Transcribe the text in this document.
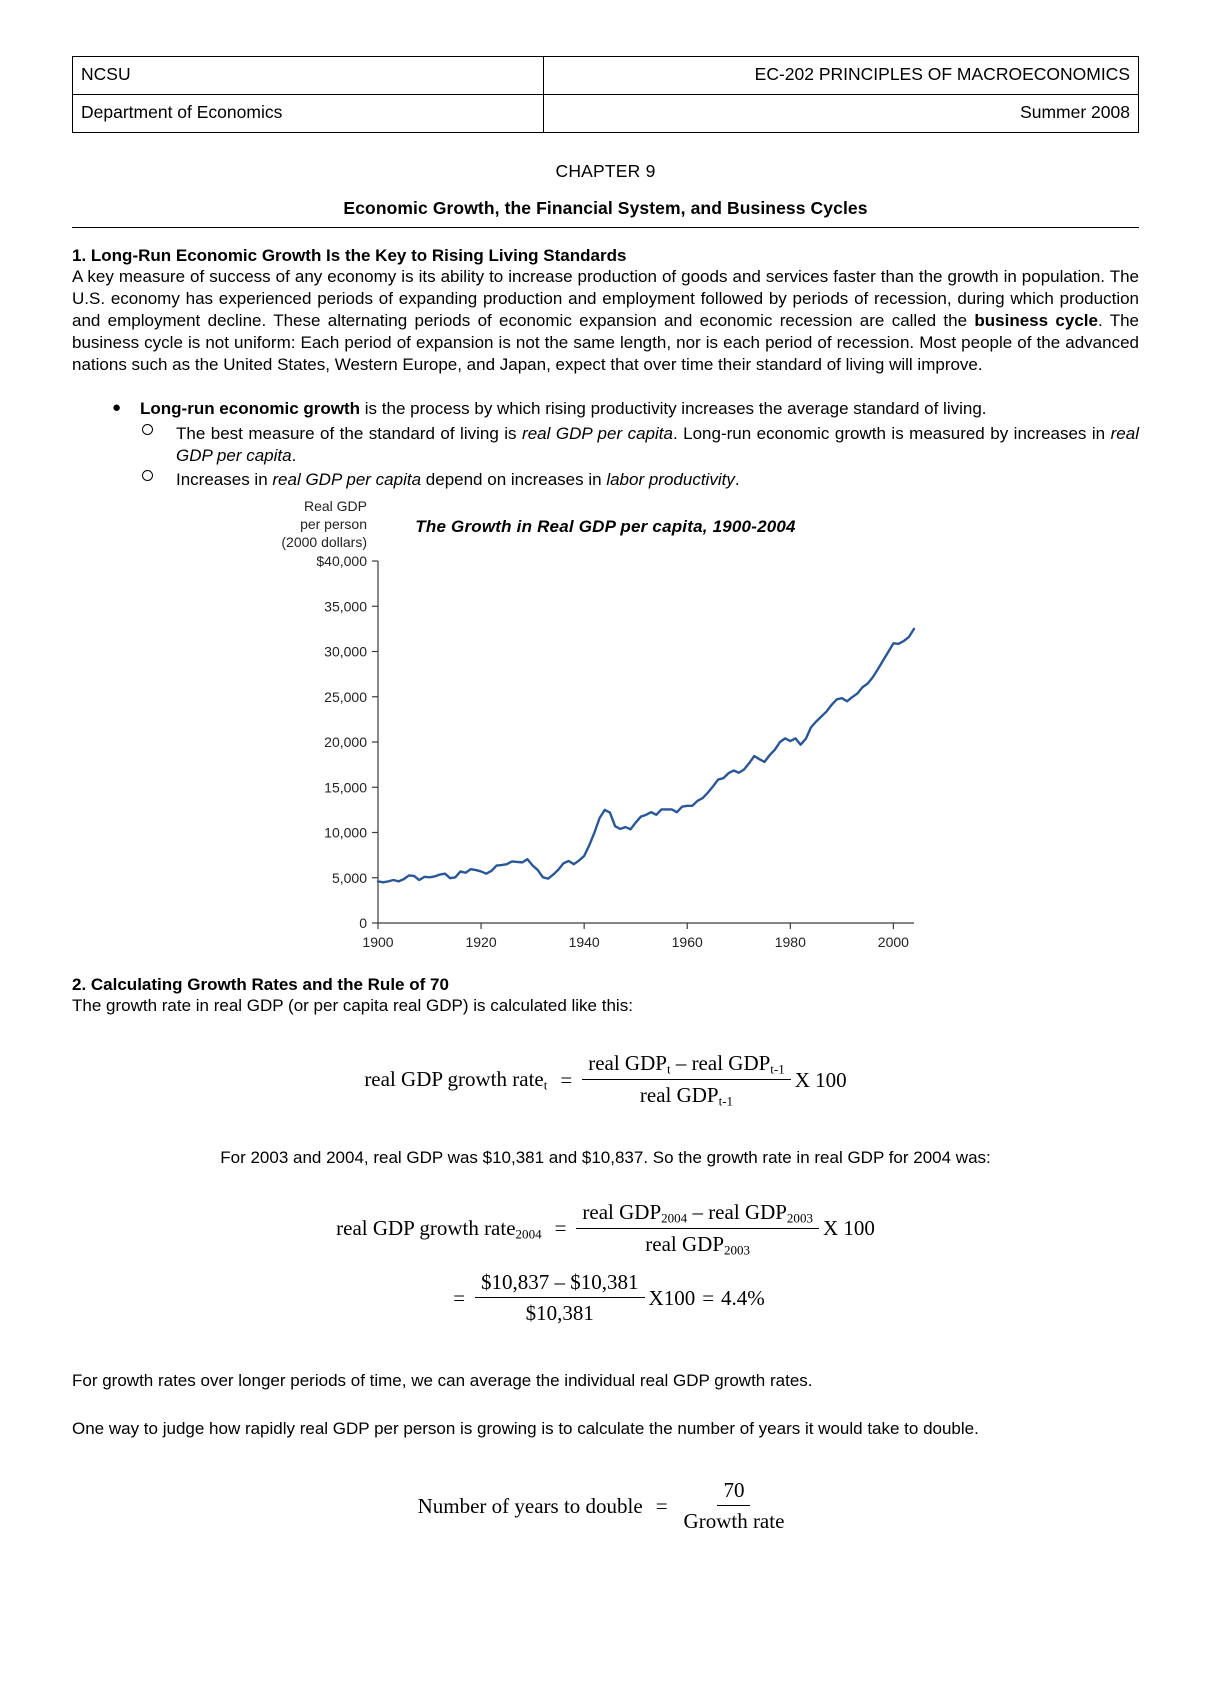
NCSU	EC-202 PRINCIPLES OF MACROECONOMICS
Department of Economics	Summer 2008
CHAPTER 9
Economic Growth, the Financial System, and Business Cycles
1. Long-Run Economic Growth Is the Key to Rising Living Standards

A key measure of success of any economy is its ability to increase production of goods and services faster than the growth in population. The U.S. economy has experienced periods of expanding production and employment followed by periods of recession, during which production and employment decline. These alternating periods of economic expansion and economic recession are called the business cycle. The business cycle is not uniform: Each period of expansion is not the same length, nor is each period of recession. Most people of the advanced nations such as the United States, Western Europe, and Japan, expect that over time their standard of living will improve.

● Long-run economic growth is the process by which rising productivity increases the average standard of living.
The best measure of the standard of living is real GDP per capita. Long-run economic growth is measured by increases in real GDP per capita.
Increases in real GDP per capita depend on increases in labor productivity.
The Growth in Real GDP per capita, 1900-2004
Real GDP
per person
(2000 dollars)
0
5,000
10,000
15,000
20,000
25,000
30,000
35,000
$40,000
1900	1920	1940	1960	1980	2000
2. Calculating Growth Rates and the Rule of 70

The growth rate in real GDP (or per capita real GDP) is calculated like this:

real GDP growth rate$_t$ = $\frac{real GDP_t - real GDP_{t-1}}{real GDP_{t-1}}$ X 100

For 2003 and 2004, real GDP was $10,381 and $10,837. So the growth rate in real GDP for 2004 was:

real GDP growth rate$_{2004}$ = $\frac{real GDP_{2004} - real GDP_{2003}}{real GDP_{2003}}$ X 100
= $\frac{\$10,837 - \$10,381}{\$10,381} X100 = 4.4\%$

For growth rates over longer periods of time, we can average the individual real GDP growth rates.

One way to judge how rapidly real GDP per person is growing is to calculate the number of years it would take to double.

Number of years to double = $\frac{70}{\text{Growth rate}}$
